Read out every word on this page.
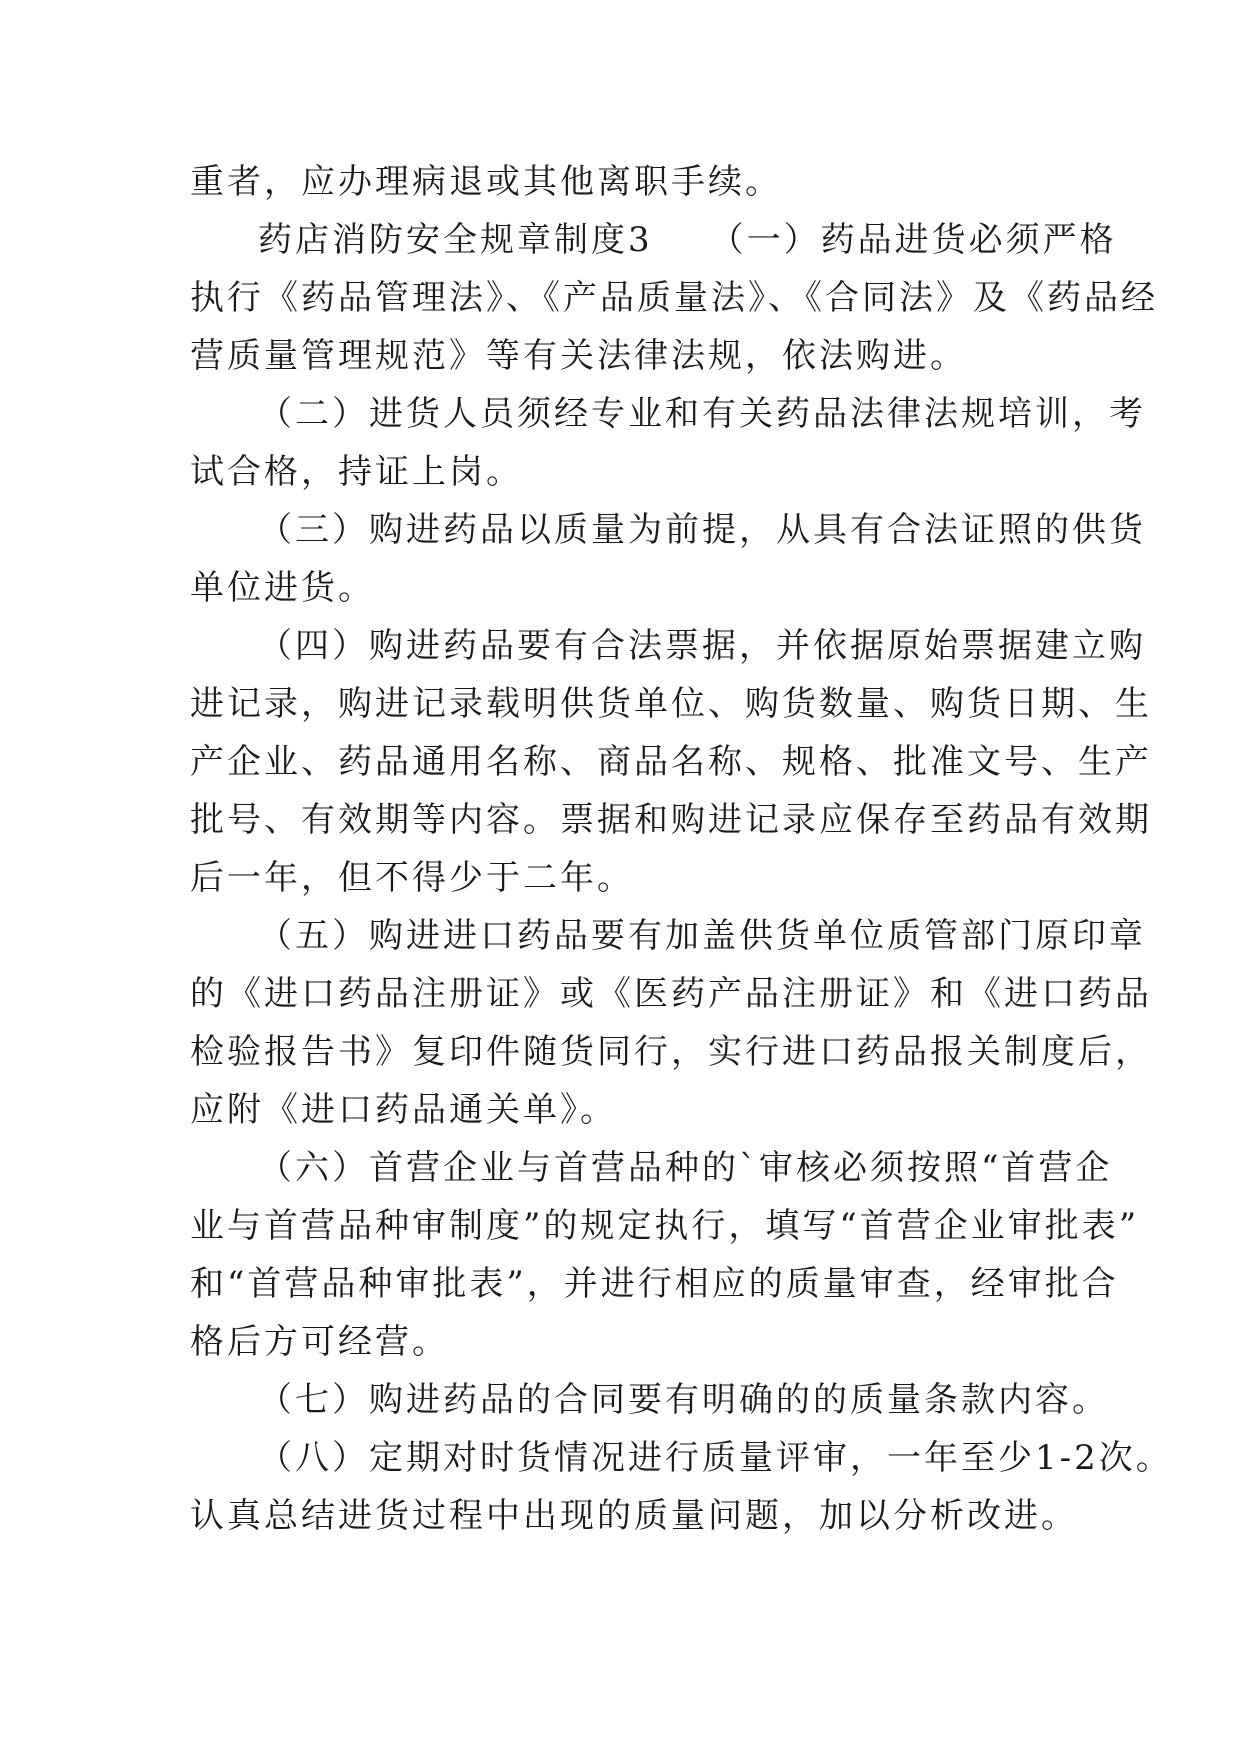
重者，应办理病退或其他离职手续。
药店消防安全规章制度3　　（一）药品进货必须严格
执行《药品管理法》、《产品质量法》、《合同法》及《药品经
营质量管理规范》等有关法律法规，依法购进。
（二）进货人员须经专业和有关药品法律法规培训，考
试合格，持证上岗。
（三）购进药品以质量为前提，从具有合法证照的供货
单位进货。
（四）购进药品要有合法票据，并依据原始票据建立购
进记录，购进记录载明供货单位、购货数量、购货日期、生
产企业、药品通用名称、商品名称、规格、批准文号、生产
批号、有效期等内容。票据和购进记录应保存至药品有效期
后一年，但不得少于二年。
（五）购进进口药品要有加盖供货单位质管部门原印章
的《进口药品注册证》或《医药产品注册证》和《进口药品
检验报告书》复印件随货同行，实行进口药品报关制度后，
应附《进口药品通关单》。
（六）首营企业与首营品种的`审核必须按照“首营企
业与首营品种审制度”的规定执行，填写“首营企业审批表”
和“首营品种审批表”，并进行相应的质量审查，经审批合
格后方可经营。
（七）购进药品的合同要有明确的的质量条款内容。
（八）定期对时货情况进行质量评审，一年至少1-2次。
认真总结进货过程中出现的质量问题，加以分析改进。
